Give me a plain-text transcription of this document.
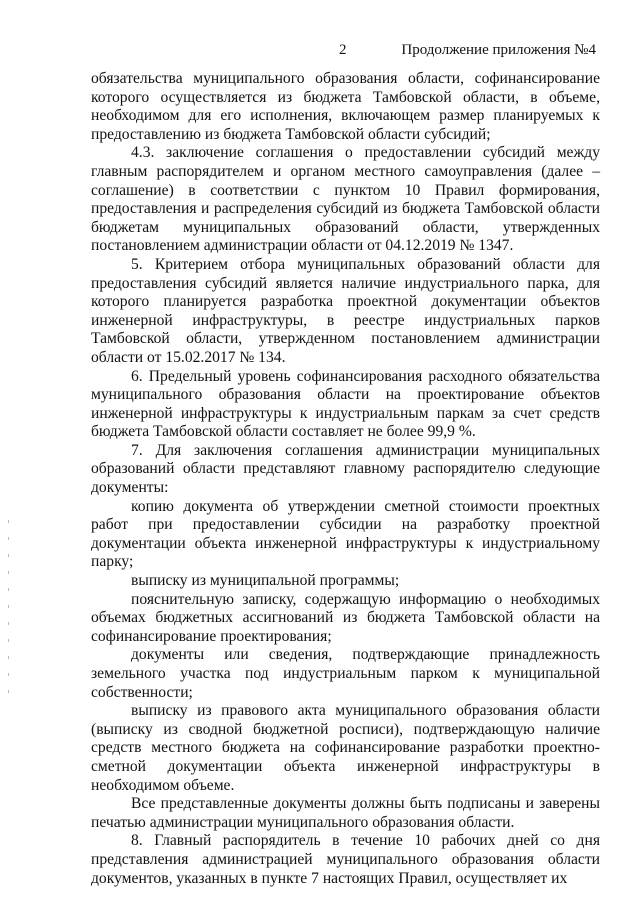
2	Продолжение приложения №4

обязательства муниципального образования области, софинансирование которого осуществляется из бюджета Тамбовской области, в объеме, необходимом для его исполнения, включающем размер планируемых к предоставлению из бюджета Тамбовской области субсидий;

4.3. заключение соглашения о предоставлении субсидий между главным распорядителем и органом местного самоуправления (далее – соглашение) в соответствии с пунктом 10 Правил формирования, предоставления и распределения субсидий из бюджета Тамбовской области бюджетам муниципальных образований области, утвержденных постановлением администрации области от 04.12.2019 № 1347.

5. Критерием отбора муниципальных образований области для предоставления субсидий является наличие индустриального парка, для которого планируется разработка проектной документации объектов инженерной инфраструктуры, в реестре индустриальных парков Тамбовской области, утвержденном постановлением администрации области от 15.02.2017 № 134.

6. Предельный уровень софинансирования расходного обязательства муниципального образования области на проектирование объектов инженерной инфраструктуры к индустриальным паркам за счет средств бюджета Тамбовской области составляет не более 99,9 %.

7. Для заключения соглашения администрации муниципальных образований области представляют главному распорядителю следующие документы:

копию документа об утверждении сметной стоимости проектных работ при предоставлении субсидии на разработку проектной документации объекта инженерной инфраструктуры к индустриальному парку;

выписку из муниципальной программы;

пояснительную записку, содержащую информацию о необходимых объемах бюджетных ассигнований из бюджета Тамбовской области на софинансирование проектирования;

документы или сведения, подтверждающие принадлежность земельного участка под индустриальным парком к муниципальной собственности;

выписку из правового акта муниципального образования области (выписку из сводной бюджетной росписи), подтверждающую наличие средств местного бюджета на софинансирование разработки проектно-сметной документации объекта инженерной инфраструктуры в необходимом объеме.

Все представленные документы должны быть подписаны и заверены печатью администрации муниципального образования области.

8. Главный распорядитель в течение 10 рабочих дней со дня представления администрацией муниципального образования области документов, указанных в пункте 7 настоящих Правил, осуществляет их
